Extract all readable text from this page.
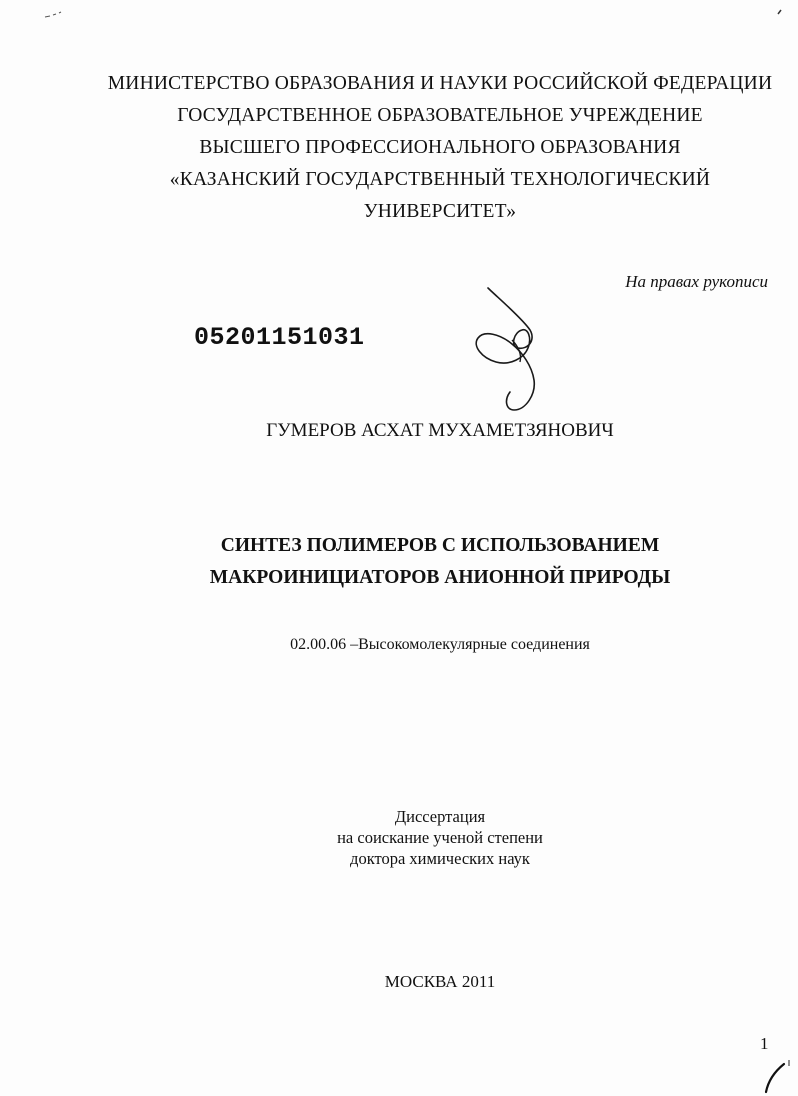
МИНИСТЕРСТВО ОБРАЗОВАНИЯ И НАУКИ РОССИЙСКОЙ ФЕДЕРАЦИИ
ГОСУДАРСТВЕННОЕ ОБРАЗОВАТЕЛЬНОЕ УЧРЕЖДЕНИЕ
ВЫСШЕГО ПРОФЕССИОНАЛЬНОГО ОБРАЗОВАНИЯ
«КАЗАНСКИЙ ГОСУДАРСТВЕННЫЙ ТЕХНОЛОГИЧЕСКИЙ
УНИВЕРСИТЕТ»
На правах рукописи
05201151031
ГУМЕРОВ АСХАТ МУХАМЕТЗЯНОВИЧ
СИНТЕЗ ПОЛИМЕРОВ С ИСПОЛЬЗОВАНИЕМ
МАКРОИНИЦИАТОРОВ АНИОННОЙ ПРИРОДЫ
02.00.06 –Высокомолекулярные соединения
Диссертация
на соискание ученой степени
доктора химических наук
МОСКВА 2011
1
